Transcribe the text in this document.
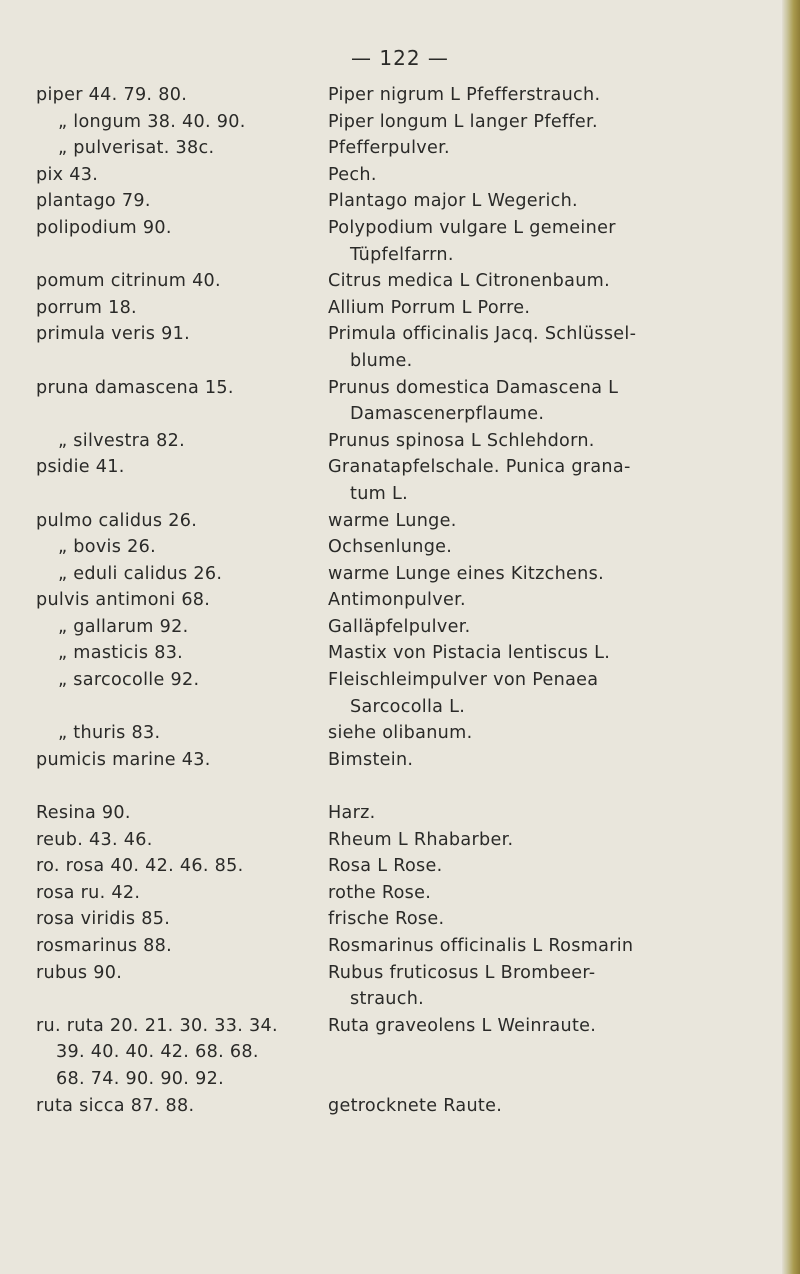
— 122 —
piper 44. 79. 80.
„ longum 38. 40. 90.
„ pulverisat. 38c.
pix 43.
plantago 79.
polipodium 90.
pomum citrinum 40.
porrum 18.
primula veris 91.
pruna damascena 15.
„ silvestra 82.
psidie 41.
pulmo calidus 26.
„ bovis 26.
„ eduli calidus 26.
pulvis antimoni 68.
„ gallarum 92.
„ masticis 83.
„ sarcocolle 92.
„ thuris 83.
pumicis marine 43.
Resina 90.
reub. 43. 46.
ro. rosa 40. 42. 46. 85.
rosa ru. 42.
rosa viridis 85.
rosmarinus 88.
rubus 90.
ru. ruta 20. 21. 30. 33. 34.
39. 40. 40. 42. 68. 68.
68. 74. 90. 90. 92.
ruta sicca 87. 88.
Piper nigrum L Pfefferstrauch.
Piper longum L langer Pfeffer.
Pfefferpulver.
Pech.
Plantago major L Wegerich.
Polypodium vulgare L gemeiner
Tüpfelfarrn.
Citrus medica L Citronenbaum.
Allium Porrum L Porre.
Primula officinalis Jacq. Schlüssel-
blume.
Prunus domestica Damascena L
Damascenerpflaume.
Prunus spinosa L Schlehdorn.
Granatapfelschale. Punica grana-
tum L.
warme Lunge.
Ochsenlunge.
warme Lunge eines Kitzchens.
Antimonpulver.
Galläpfelpulver.
Mastix von Pistacia lentiscus L.
Fleischleimpulver von Penaea
Sarcocolla L.
siehe olibanum.
Bimstein.
Harz.
Rheum L Rhabarber.
Rosa L Rose.
rothe Rose.
frische Rose.
Rosmarinus officinalis L Rosmarin
Rubus fruticosus L Brombeer-
strauch.
Ruta graveolens L Weinraute.
getrocknete Raute.
